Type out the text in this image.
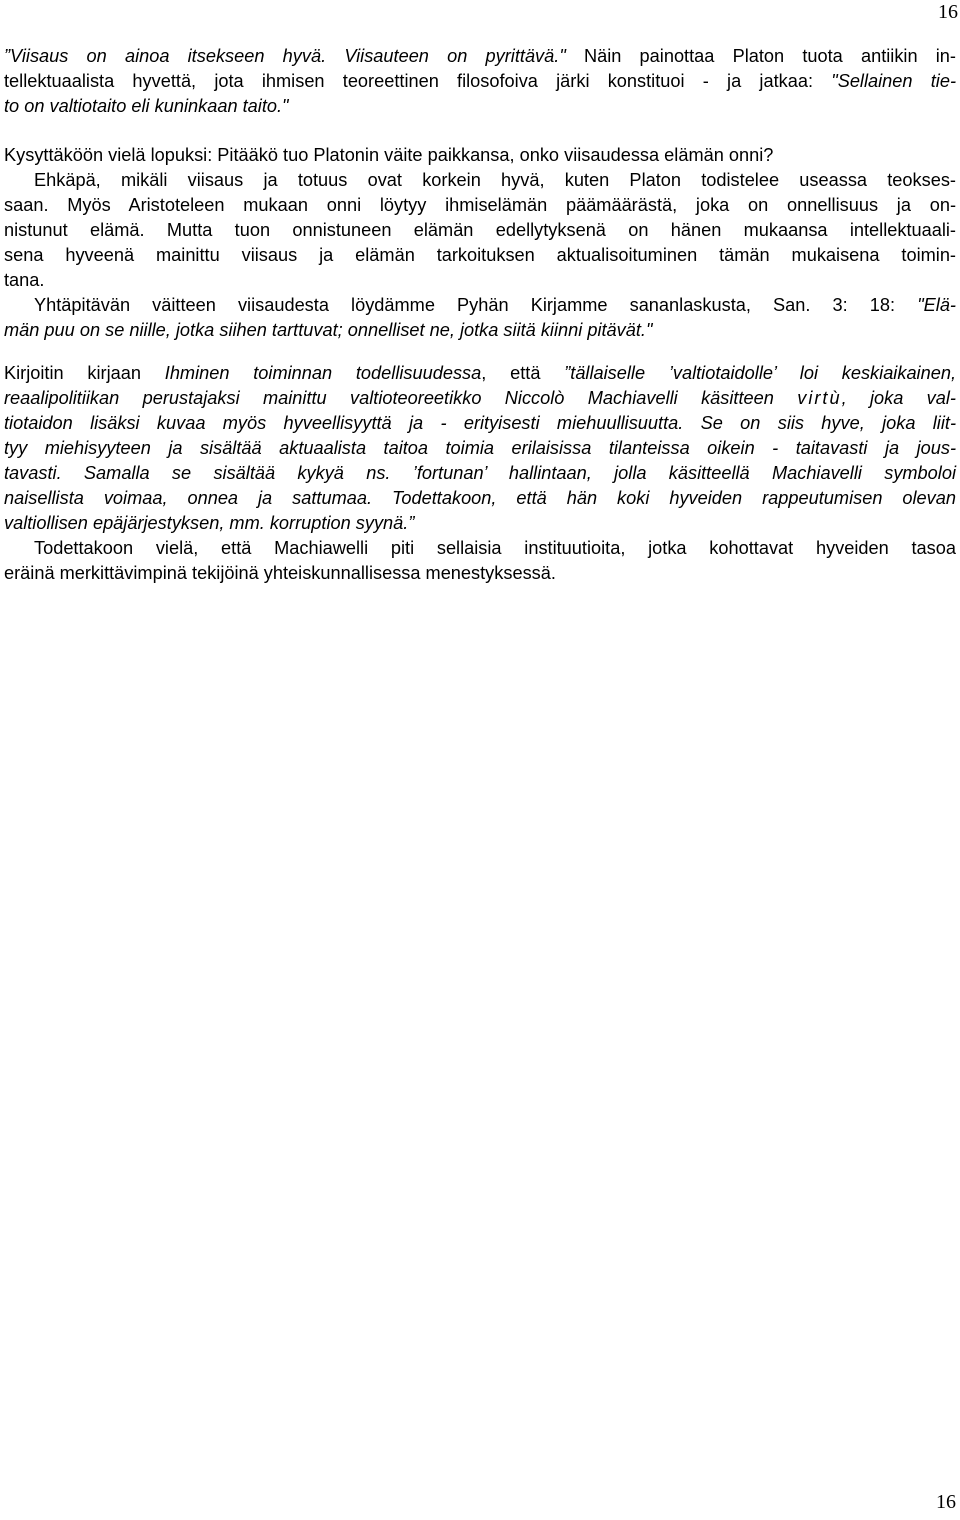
16
”Viisaus on ainoa itsekseen hyvä. Viisauteen on pyrittävä." Näin painottaa Platon tuota antiikin in-
tellektuaalista hyvettä, jota ihmisen teoreettinen filosofoiva järki konstituoi - ja jatkaa: "Sellainen tie-
to on valtiotaito eli kuninkaan taito."
Kysyttäköön vielä lopuksi: Pitääkö tuo Platonin väite paikkansa, onko viisaudessa elämän onni?
Ehkäpä, mikäli viisaus ja totuus ovat korkein hyvä, kuten Platon todistelee useassa teokses-
saan. Myös Aristoteleen mukaan onni löytyy ihmiselämän päämäärästä, joka on onnellisuus ja on-
nistunut elämä. Mutta tuon onnistuneen elämän edellytyksenä on hänen mukaansa intellektuaali-
sena hyveenä mainittu viisaus ja elämän tarkoituksen aktualisoituminen tämän mukaisena toimin-
tana.
Yhtäpitävän väitteen viisaudesta löydämme Pyhän Kirjamme sananlaskusta, San. 3: 18: "Elä-
män puu on se niille, jotka siihen tarttuvat; onnelliset ne, jotka siitä kiinni pitävät."
Kirjoitin kirjaan Ihminen toiminnan todellisuudessa, että ”tällaiselle ’valtiotaidolle’ loi keskiaikainen,
reaalipolitiikan perustajaksi mainittu valtioteoreetikko Niccolò Machiavelli käsitteen virtù, joka val-
tiotaidon lisäksi kuvaa myös hyveellisyyttä ja - erityisesti miehuullisuutta. Se on siis hyve, joka liit-
tyy miehisyyteen ja sisältää aktuaalista taitoa toimia erilaisissa tilanteissa oikein - taitavasti ja jous-
tavasti. Samalla se sisältää kykyä ns. ’fortunan’ hallintaan, jolla käsitteellä Machiavelli symboloi
naisellista voimaa, onnea ja sattumaa. Todettakoon, että hän koki hyveiden rappeutumisen olevan
valtiollisen epäjärjestyksen, mm. korruption syynä.”
Todettakoon vielä, että Machiawelli piti sellaisia instituutioita, jotka kohottavat hyveiden tasoa
eräinä merkittävimpinä tekijöinä yhteiskunnallisessa menestyksessä.
16
